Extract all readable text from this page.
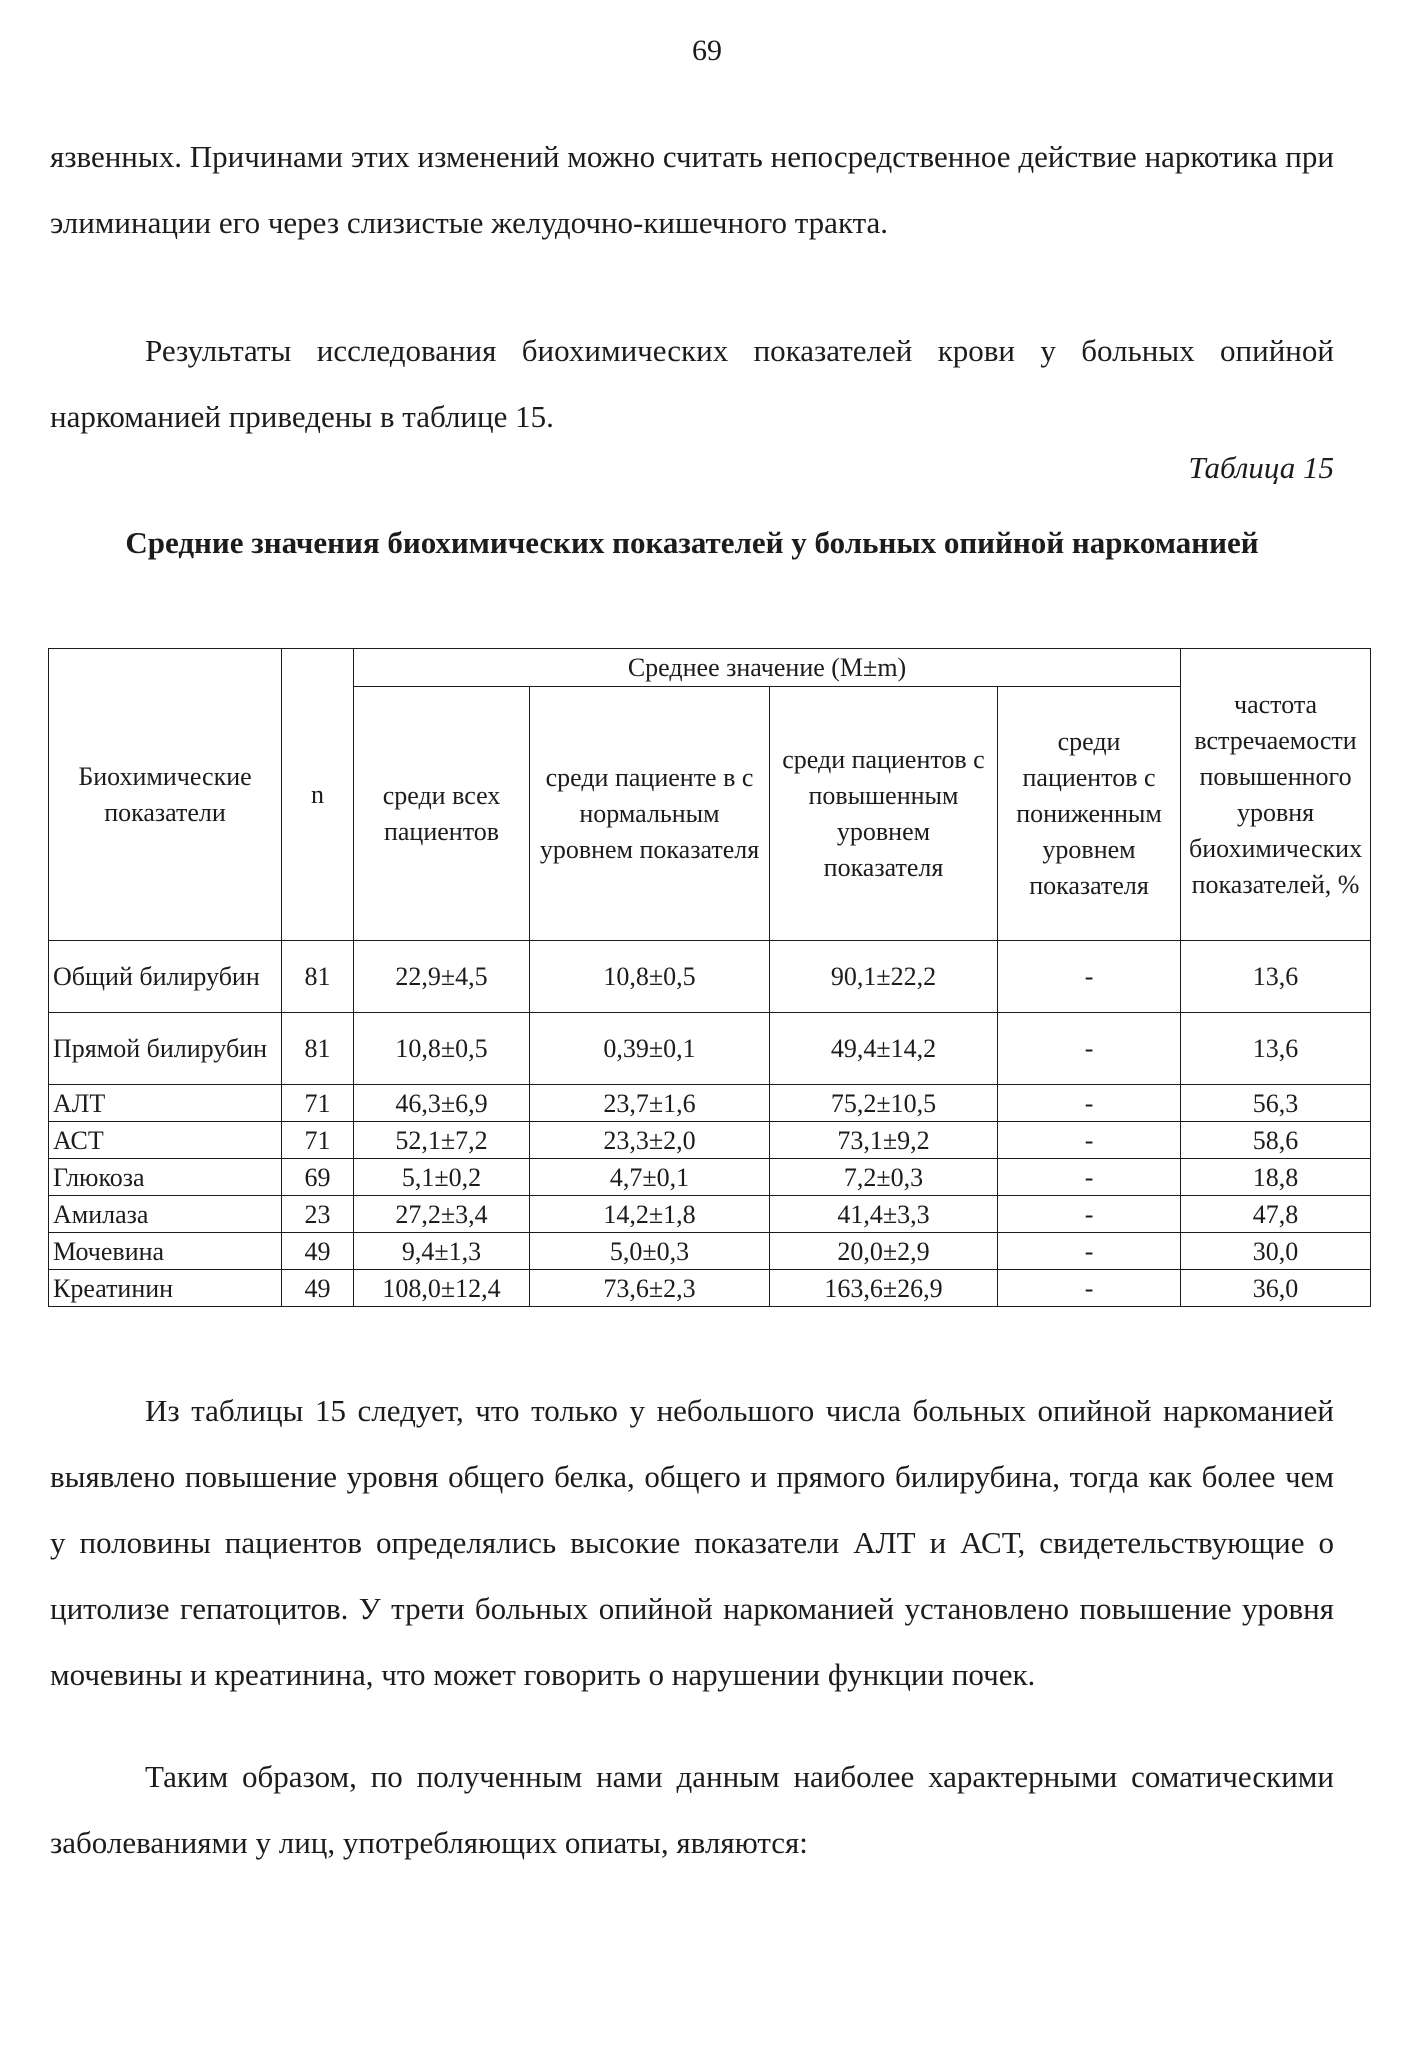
69

язвенных. Причинами этих изменений можно считать непосредственное действие наркотика при элиминации его через слизистые желудочно-кишечного тракта.

Результаты исследования биохимических показателей крови у больных опийной наркоманией приведены в таблице 15.

Таблица 15
Средние значения биохимических показателей у больных опийной наркоманией
Биохимические показатели	n	Среднее значение (M±m)				частота встречаемости повышенного уровня биохимических показателей, %
		среди всех пациентов	среди пациенте в с нормальным уровнем показателя	среди пациентов с повышенным уровнем показателя	среди пациентов с пониженным уровнем показателя	
Общий билирубин	81	22,9±4,5	10,8±0,5	90,1±22,2	-	13,6
Прямой билирубин	81	10,8±0,5	0,39±0,1	49,4±14,2	-	13,6
АЛТ	71	46,3±6,9	23,7±1,6	75,2±10,5	-	56,3
АСТ	71	52,1±7,2	23,3±2,0	73,1±9,2	-	58,6
Глюкоза	69	5,1±0,2	4,7±0,1	7,2±0,3	-	18,8
Амилаза	23	27,2±3,4	14,2±1,8	41,4±3,3	-	47,8
Мочевина	49	9,4±1,3	5,0±0,3	20,0±2,9	-	30,0
Креатинин	49	108,0±12,4	73,6±2,3	163,6±26,9	-	36,0

Из таблицы 15 следует, что только у небольшого числа больных опийной наркоманией выявлено повышение уровня общего белка, общего и прямого билирубина, тогда как более чем у половины пациентов определялись высокие показатели АЛТ и АСТ, свидетельствующие о цитолизе гепатоцитов. У трети больных опийной наркоманией установлено повышение уровня мочевины и креатинина, что может говорить о нарушении функции почек.

Таким образом, по полученным нами данным наиболее характерными соматическими заболеваниями у лиц, употребляющих опиаты, являются:
